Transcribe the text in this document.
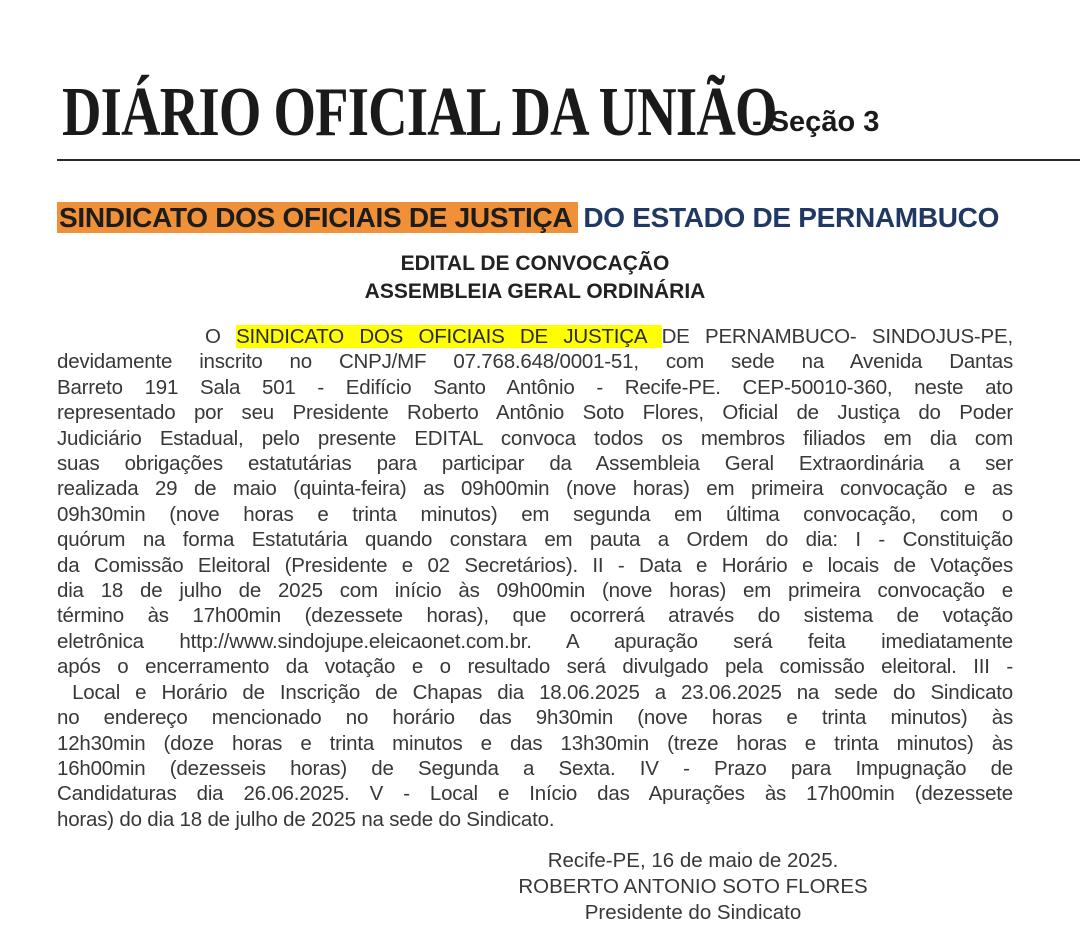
DIÁRIO OFICIAL DA UNIÃO
- Seção 3
SINDICATO DOS OFICIAIS DE JUSTIÇA DO ESTADO DE PERNAMBUCO
EDITAL DE CONVOCAÇÃO
ASSEMBLEIA GERAL ORDINÁRIA
O SINDICATO DOS OFICIAIS DE JUSTIÇA DE PERNAMBUCO- SINDOJUS-PE,
devidamente inscrito no CNPJ/MF 07.768.648/0001-51, com sede na Avenida Dantas
Barreto 191 Sala 501 - Edifício Santo Antônio - Recife-PE. CEP-50010-360, neste ato
representado por seu Presidente Roberto Antônio Soto Flores, Oficial de Justiça do Poder
Judiciário Estadual, pelo presente EDITAL convoca todos os membros filiados em dia com
suas obrigações estatutárias para participar da Assembleia Geral Extraordinária a ser
realizada 29 de maio (quinta-feira) as 09h00min (nove horas) em primeira convocação e as
09h30min (nove horas e trinta minutos) em segunda em última convocação, com o
quórum na forma Estatutária quando constara em pauta a Ordem do dia: I - Constituição
da Comissão Eleitoral (Presidente e 02 Secretários). II - Data e Horário e locais de Votações
dia 18 de julho de 2025 com início às 09h00min (nove horas) em primeira convocação e
término às 17h00min (dezessete horas), que ocorrerá através do sistema de votação
eletrônica http://www.sindojupe.eleicaonet.com.br. A apuração será feita imediatamente
após o encerramento da votação e o resultado será divulgado pela comissão eleitoral. III -
Local e Horário de Inscrição de Chapas dia 18.06.2025 a 23.06.2025 na sede do Sindicato
no endereço mencionado no horário das 9h30min (nove horas e trinta minutos) às
12h30min (doze horas e trinta minutos e das 13h30min (treze horas e trinta minutos) às
16h00min (dezesseis horas) de Segunda a Sexta. IV - Prazo para Impugnação de
Candidaturas dia 26.06.2025. V - Local e Início das Apurações às 17h00min (dezessete
horas) do dia 18 de julho de 2025 na sede do Sindicato.
Recife-PE, 16 de maio de 2025.
ROBERTO ANTONIO SOTO FLORES
Presidente do Sindicato
